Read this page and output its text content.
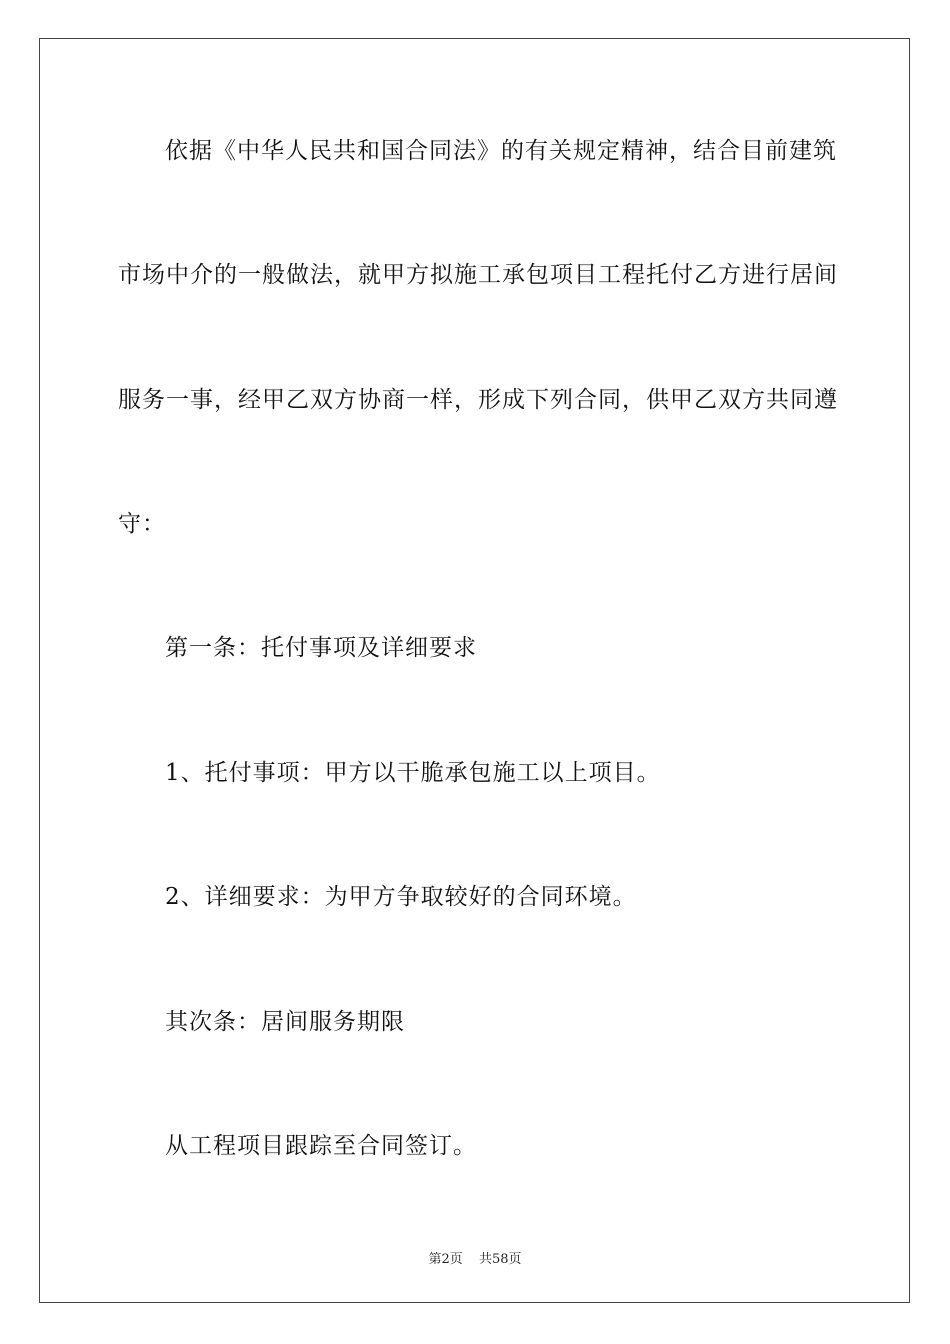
依据《中华人民共和国合同法》的有关规定精神，结合目前建筑

市场中介的一般做法，就甲方拟施工承包项目工程托付乙方进行居间

服务一事，经甲乙双方协商一样，形成下列合同，供甲乙双方共同遵

守：

第一条：托付事项及详细要求

1、托付事项：甲方以干脆承包施工以上项目。

2、详细要求：为甲方争取较好的合同环境。

其次条：居间服务期限

从工程项目跟踪至合同签订。

第2页 共58页
